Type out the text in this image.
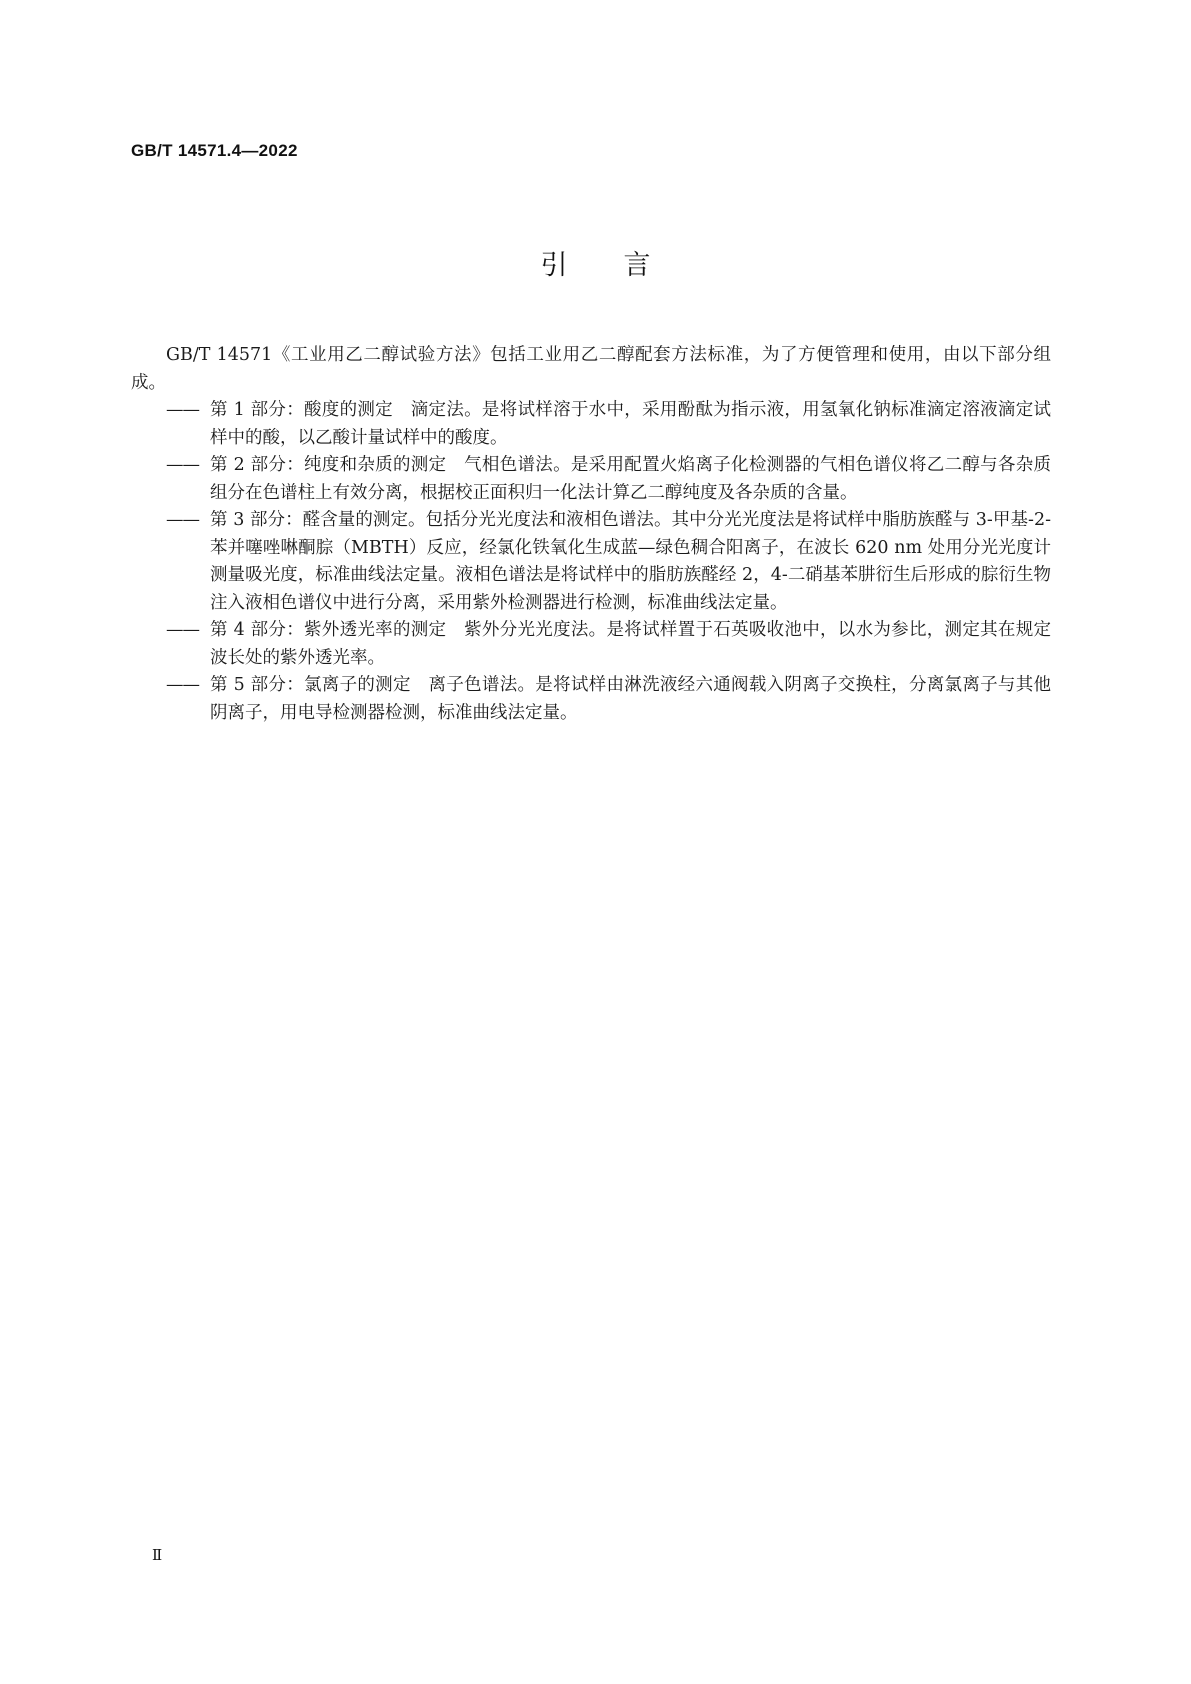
GB/T 14571.4—2022
引言

GB/T 14571《工业用乙二醇试验方法》包括工业用乙二醇配套方法标准，为了方便管理和使用，由以下部分组成。

—— 第 1 部分：酸度的测定　滴定法。是将试样溶于水中，采用酚酞为指示液，用氢氧化钠标准滴定溶液滴定试样中的酸，以乙酸计量试样中的酸度。
—— 第 2 部分：纯度和杂质的测定　气相色谱法。是采用配置火焰离子化检测器的气相色谱仪将乙二醇与各杂质组分在色谱柱上有效分离，根据校正面积归一化法计算乙二醇纯度及各杂质的含量。
—— 第 3 部分：醛含量的测定。包括分光光度法和液相色谱法。其中分光光度法是将试样中脂肪族醛与 3-甲基-2-苯并噻唑啉酮腙（MBTH）反应，经氯化铁氧化生成蓝—绿色稠合阳离子，在波长 620 nm 处用分光光度计测量吸光度，标准曲线法定量。液相色谱法是将试样中的脂肪族醛经 2，4-二硝基苯肼衍生后形成的腙衍生物注入液相色谱仪中进行分离，采用紫外检测器进行检测，标准曲线法定量。
—— 第 4 部分：紫外透光率的测定　紫外分光光度法。是将试样置于石英吸收池中，以水为参比，测定其在规定波长处的紫外透光率。
—— 第 5 部分：氯离子的测定　离子色谱法。是将试样由淋洗液经六通阀载入阴离子交换柱，分离氯离子与其他阴离子，用电导检测器检测，标准曲线法定量。
Ⅱ
